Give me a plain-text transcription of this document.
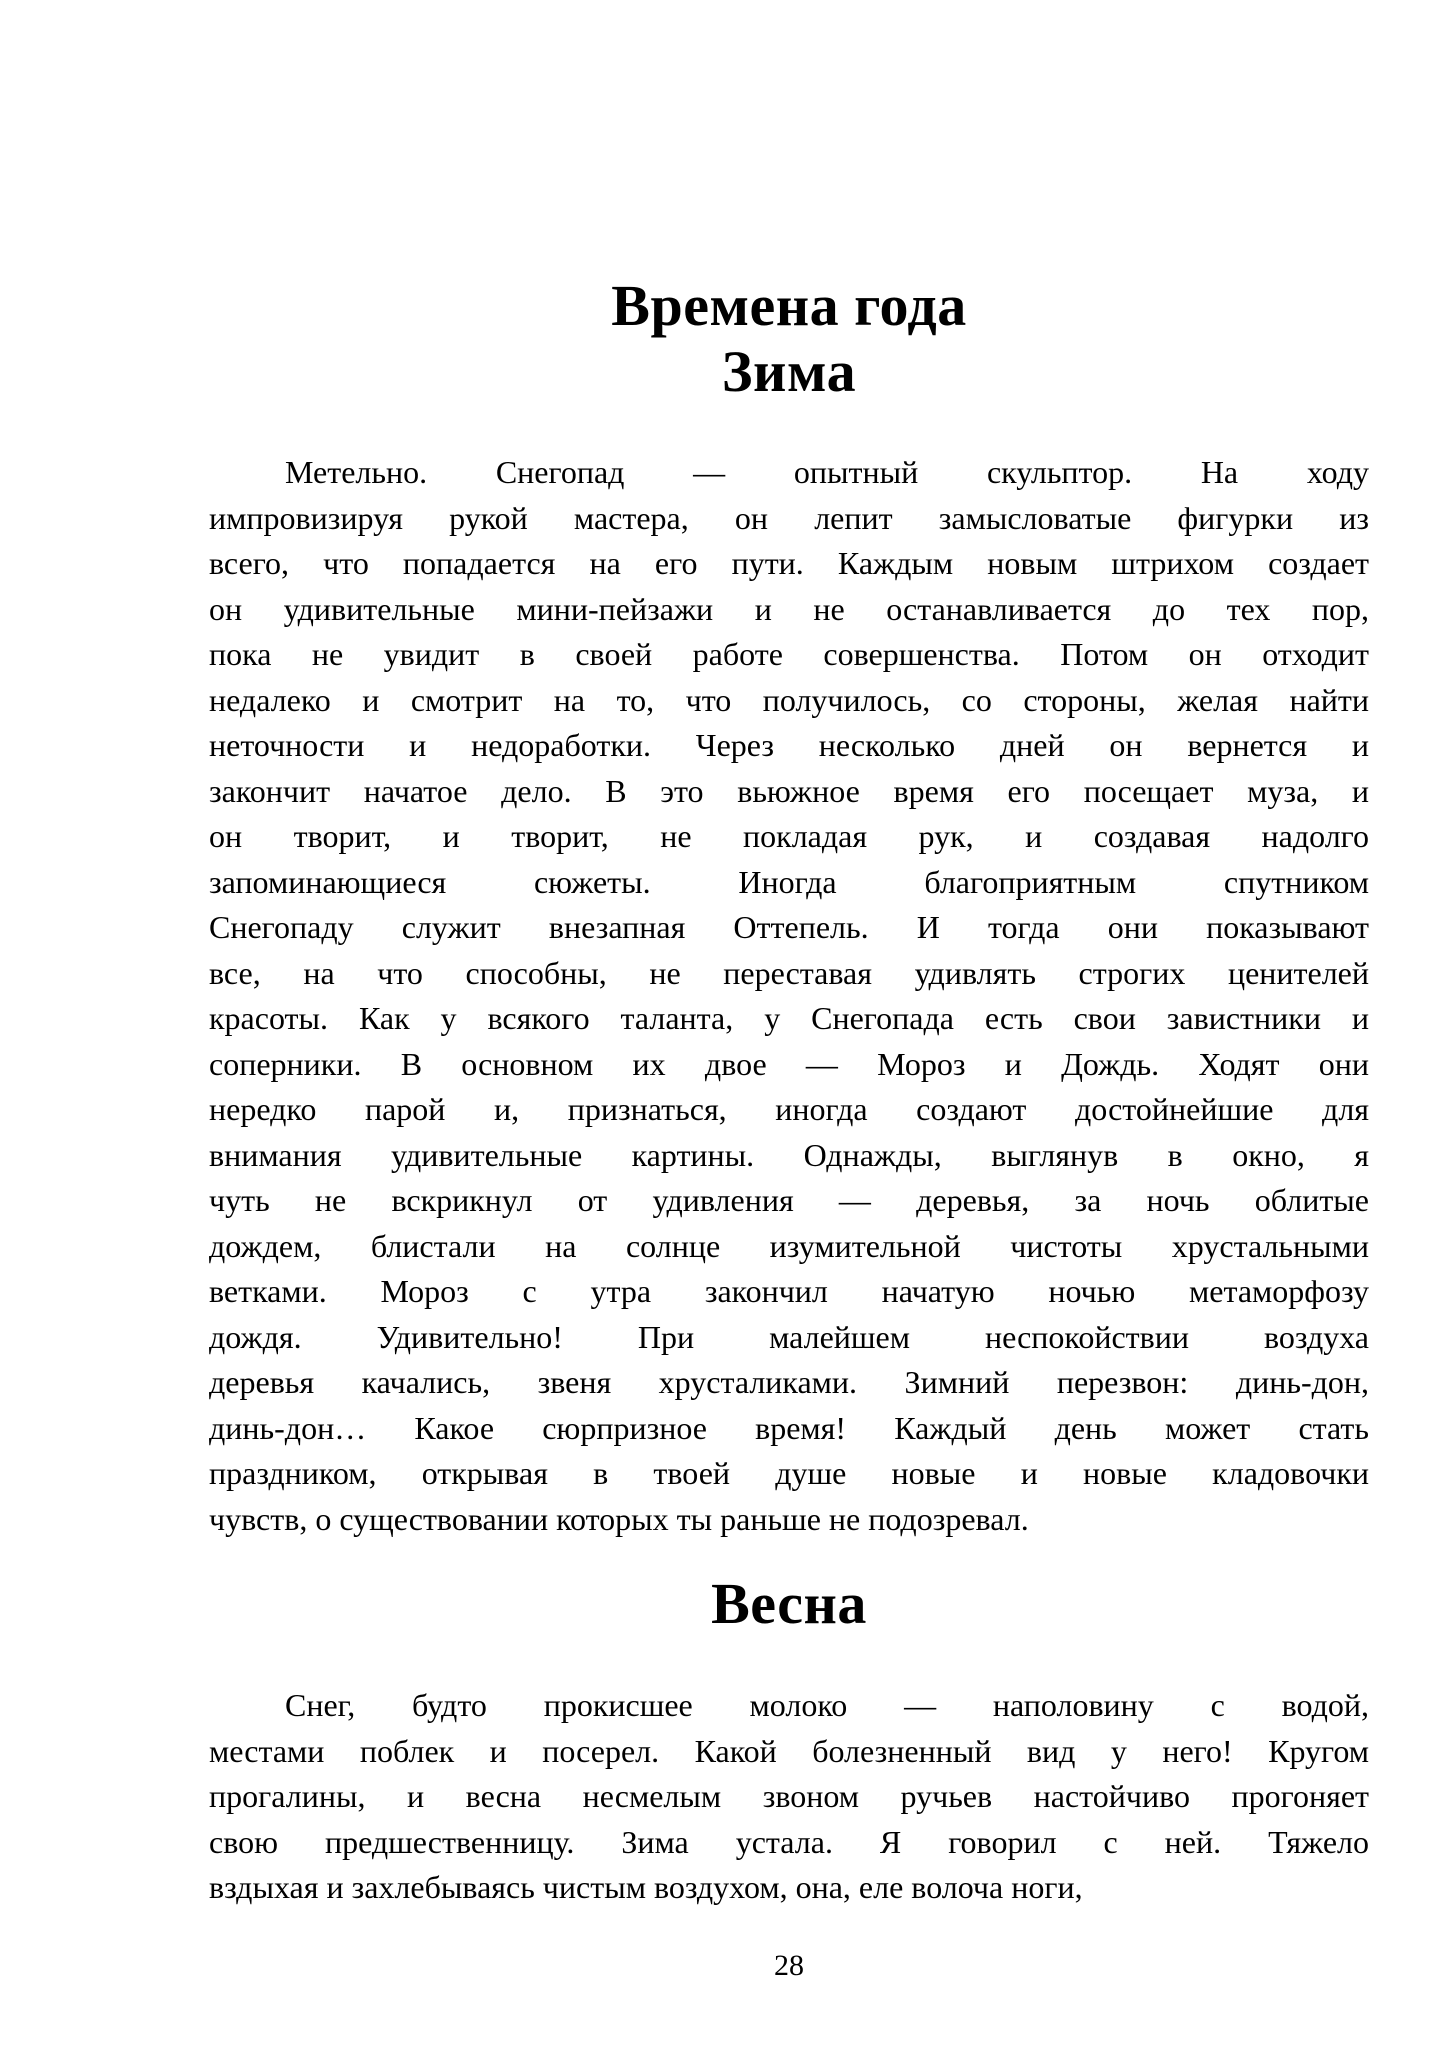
Времена года
Зима
Метельно. Снегопад — опытный скульптор. На ходу
импровизируя рукой мастера, он лепит замысловатые фигурки из
всего, что попадается на его пути. Каждым новым штрихом создает
он удивительные мини-пейзажи и не останавливается до тех пор,
пока не увидит в своей работе совершенства. Потом он отходит
недалеко и смотрит на то, что получилось, со стороны, желая найти
неточности и недоработки. Через несколько дней он вернется и
закончит начатое дело. В это вьюжное время его посещает муза, и
он творит, и творит, не покладая рук, и создавая надолго
запоминающиеся сюжеты. Иногда благоприятным спутником
Снегопаду служит внезапная Оттепель. И тогда они показывают
все, на что способны, не переставая удивлять строгих ценителей
красоты. Как у всякого таланта, у Снегопада есть свои завистники и
соперники. В основном их двое — Мороз и Дождь. Ходят они
нередко парой и, признаться, иногда создают достойнейшие для
внимания удивительные картины. Однажды, выглянув в окно, я
чуть не вскрикнул от удивления — деревья, за ночь облитые
дождем, блистали на солнце изумительной чистоты хрустальными
ветками. Мороз с утра закончил начатую ночью метаморфозу
дождя. Удивительно! При малейшем неспокойствии воздуха
деревья качались, звеня хрусталиками. Зимний перезвон: динь-дон,
динь-дон… Какое сюрпризное время! Каждый день может стать
праздником, открывая в твоей душе новые и новые кладовочки
чувств, о существовании которых ты раньше не подозревал.
Весна
Снег, будто прокисшее молоко — наполовину с водой,
местами поблек и посерел. Какой болезненный вид у него! Кругом
прогалины, и весна несмелым звоном ручьев настойчиво прогоняет
свою предшественницу. Зима устала. Я говорил с ней. Тяжело
вздыхая и захлебываясь чистым воздухом, она, еле волоча ноги,
28
